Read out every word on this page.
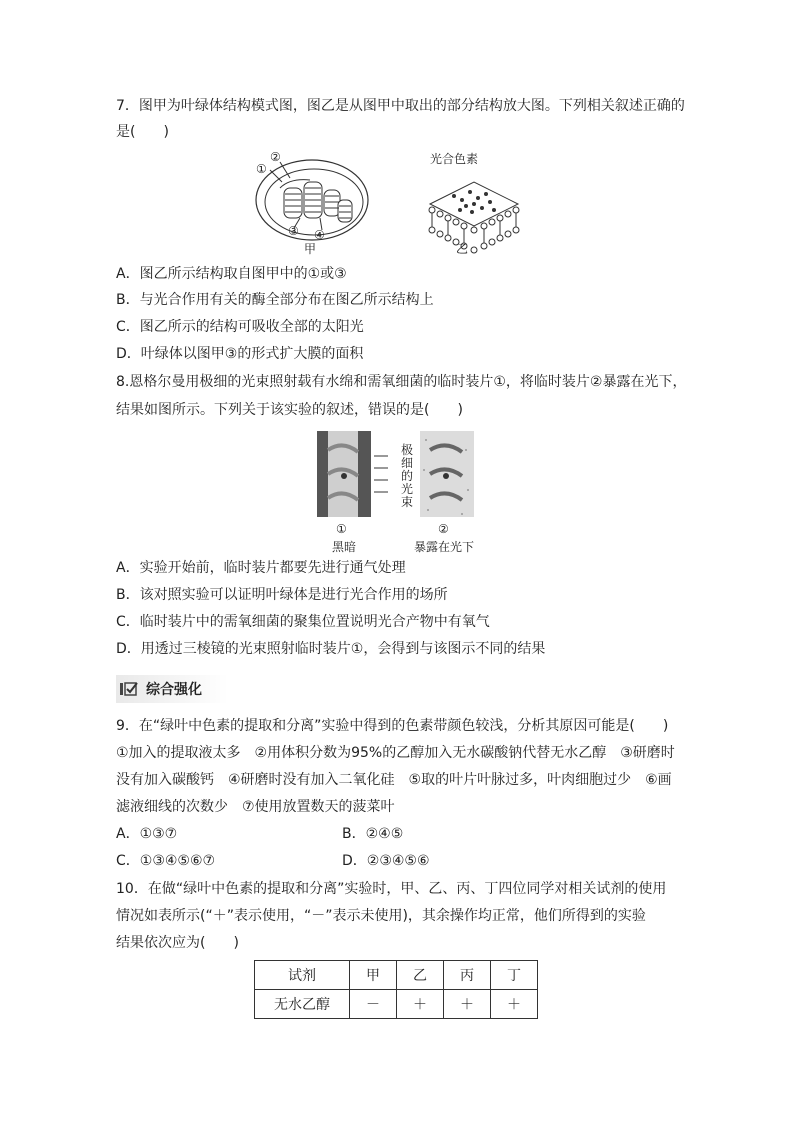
7．图甲为叶绿体结构模式图，图乙是从图甲中取出的部分结构放大图。下列相关叙述正确的
是(　　)
①
②
③ ④
甲
光合色素
乙
A．图乙所示结构取自图甲中的①或③
B．与光合作用有关的酶全部分布在图乙所示结构上
C．图乙所示的结构可吸收全部的太阳光
D．叶绿体以图甲③的形式扩大膜的面积
8.恩格尔曼用极细的光束照射载有水绵和需氧细菌的临时装片①，将临时装片②暴露在光下，
结果如图所示。下列关于该实验的叙述，错误的是(　　)
极
细
的
光
束
①
黑暗
②
暴露在光下
A．实验开始前，临时装片都要先进行通气处理
B．该对照实验可以证明叶绿体是进行光合作用的场所
C．临时装片中的需氧细菌的聚集位置说明光合产物中有氧气
D．用透过三棱镜的光束照射临时装片①，会得到与该图示不同的结果
综合强化
9．在“绿叶中色素的提取和分离”实验中得到的色素带颜色较浅，分析其原因可能是(　　)
①加入的提取液太多　②用体积分数为95%的乙醇加入无水碳酸钠代替无水乙醇　③研磨时
没有加入碳酸钙　④研磨时没有加入二氧化硅　⑤取的叶片叶脉过多，叶肉细胞过少　⑥画
滤液细线的次数少　⑦使用放置数天的菠菜叶
A．①③⑦	B．②④⑤
C．①③④⑤⑥⑦	D．②③④⑤⑥
10．在做“绿叶中色素的提取和分离”实验时，甲、乙、丙、丁四位同学对相关试剂的使用
情况如表所示(“＋”表示使用，“－”表示未使用)，其余操作均正常，他们所得到的实验
结果依次应为(　　)
试剂	甲	乙	丙	丁
无水乙醇	－	＋	＋	＋
